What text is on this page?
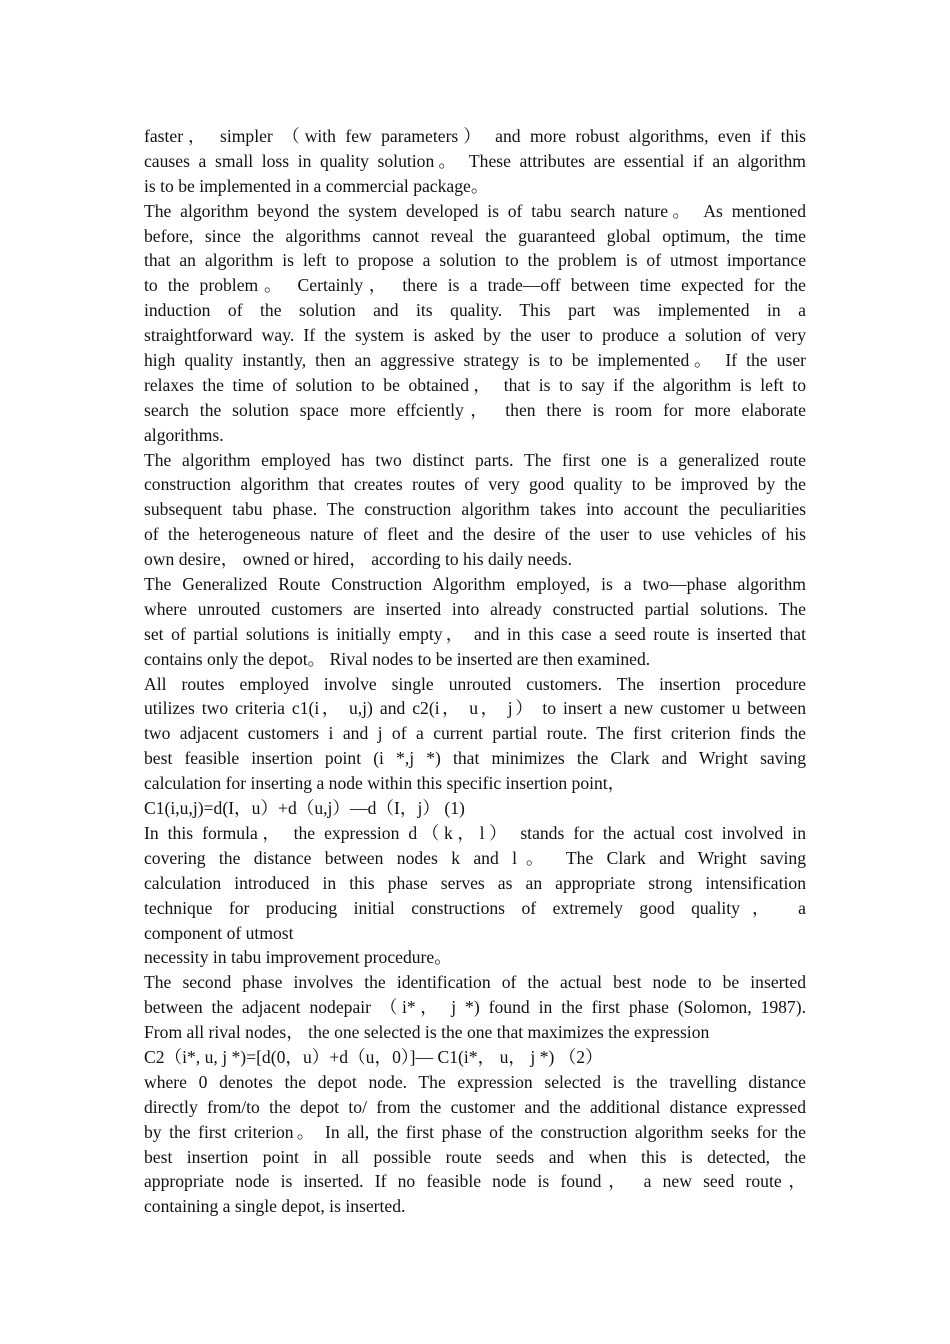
faster， simpler （with few parameters） and more robust algorithms, even if this
causes a small loss in quality solution。 These attributes are essential if an algorithm
is to be implemented in a commercial package。
The algorithm beyond the system developed is of tabu search nature。 As mentioned
before, since the algorithms cannot reveal the guaranteed global optimum, the time
that an algorithm is left to propose a solution to the problem is of utmost importance
to the problem。 Certainly， there is a trade—off between time expected for the
induction of the solution and its quality. This part was implemented in a
straightforward way. If the system is asked by the user to produce a solution of very
high quality instantly, then an aggressive strategy is to be implemented。 If the user
relaxes the time of solution to be obtained， that is to say if the algorithm is left to
search the solution space more effciently， then there is room for more elaborate
algorithms.
The algorithm employed has two distinct parts. The first one is a generalized route
construction algorithm that creates routes of very good quality to be improved by the
subsequent tabu phase. The construction algorithm takes into account the peculiarities
of the heterogeneous nature of fleet and the desire of the user to use vehicles of his
own desire， owned or hired， according to his daily needs.
The Generalized Route Construction Algorithm employed, is a two—phase algorithm
where unrouted customers are inserted into already constructed partial solutions. The
set of partial solutions is initially empty， and in this case a seed route is inserted that
contains only the depot。 Rival nodes to be inserted are then examined.
All routes employed involve single unrouted customers. The insertion procedure
utilizes two criteria c1(i， u,j) and c2(i， u， j） to insert a new customer u between
two adjacent customers i and j of a current partial route. The first criterion finds the
best feasible insertion point (i *,j *) that minimizes the Clark and Wright saving
calculation for inserting a node within this specific insertion point，
C1(i,u,j)=d(I，u）+d（u,j）—d（I，j） (1)
In this formula， the expression d（k，l） stands for the actual cost involved in
covering the distance between nodes k and l。 The Clark and Wright saving
calculation introduced in this phase serves as an appropriate strong intensification
technique for producing initial constructions of extremely good quality， a
component of utmost
necessity in tabu improvement procedure。
The second phase involves the identification of the actual best node to be inserted
between the adjacent nodepair （i*， j *) found in the first phase (Solomon, 1987).
From all rival nodes， the one selected is the one that maximizes the expression
C2（i*, u, j *)=[d(0，u）+d（u，0）]— C1(i*， u， j *) （2）
where 0 denotes the depot node. The expression selected is the travelling distance
directly from/to the depot to/ from the customer and the additional distance expressed
by the first criterion。 In all, the first phase of the construction algorithm seeks for the
best insertion point in all possible route seeds and when this is detected, the
appropriate node is inserted. If no feasible node is found， a new seed route，
containing a single depot, is inserted.
